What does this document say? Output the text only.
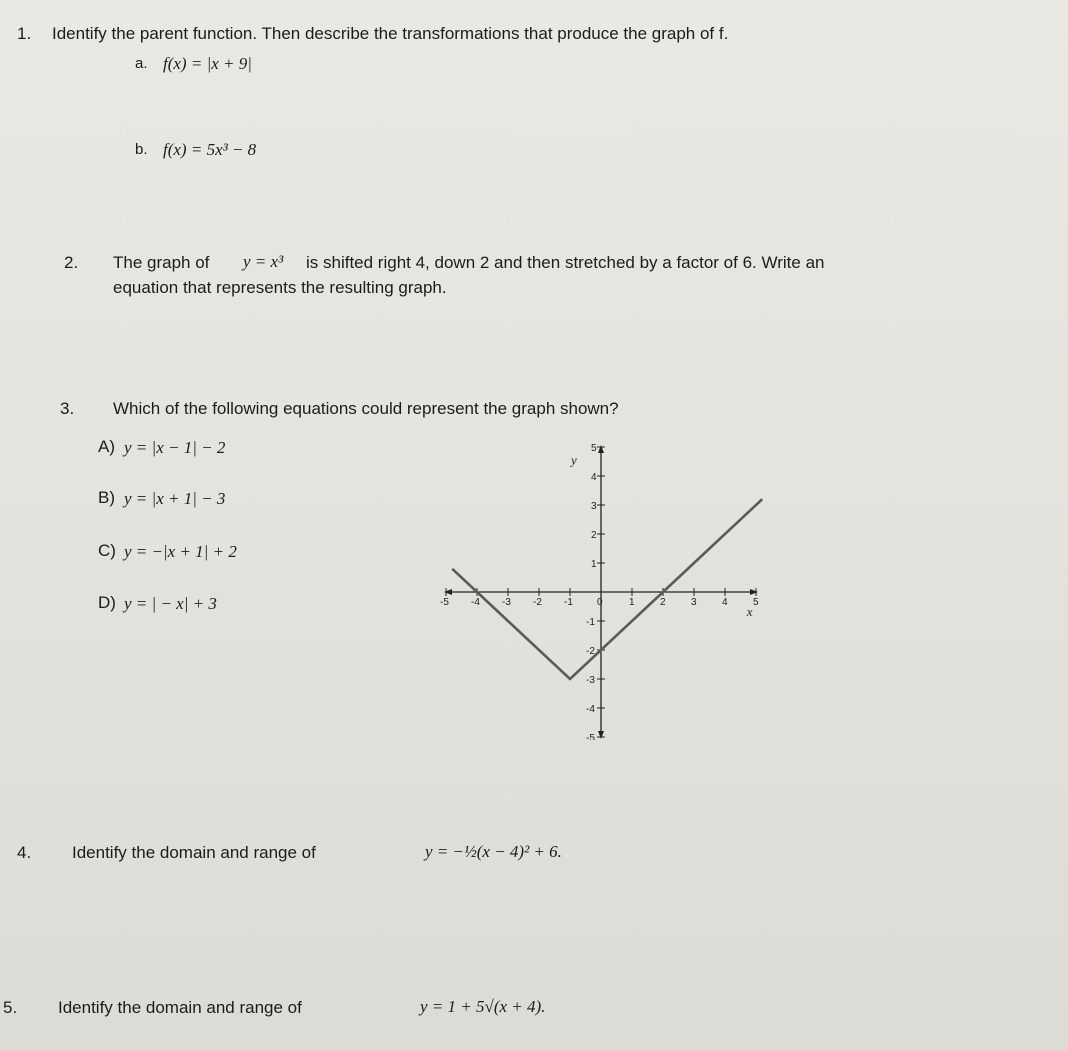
1. Identify the parent function. Then describe the transformations that produce the graph of f.
a. f(x) = |x + 9|
b. f(x) = 5x³ − 8
2. The graph of y = x³ is shifted right 4, down 2 and then stretched by a factor of 6. Write an
equation that represents the resulting graph.
3. Which of the following equations could represent the graph shown?
A) y = |x − 1| − 2
B) y = |x + 1| − 3
C) y = −|x + 1| + 2
D) y = | − x| + 3	x
y
-5 -4 -3 -2 -1 0	1	2	3	4	5
5
4
3
2
1
-1
-2
-3
-4
-5
4. Identify the domain and range of	y = −½(x − 4)² + 6.
5. Identify the domain and range of	y = 1 + 5√(x + 4).
